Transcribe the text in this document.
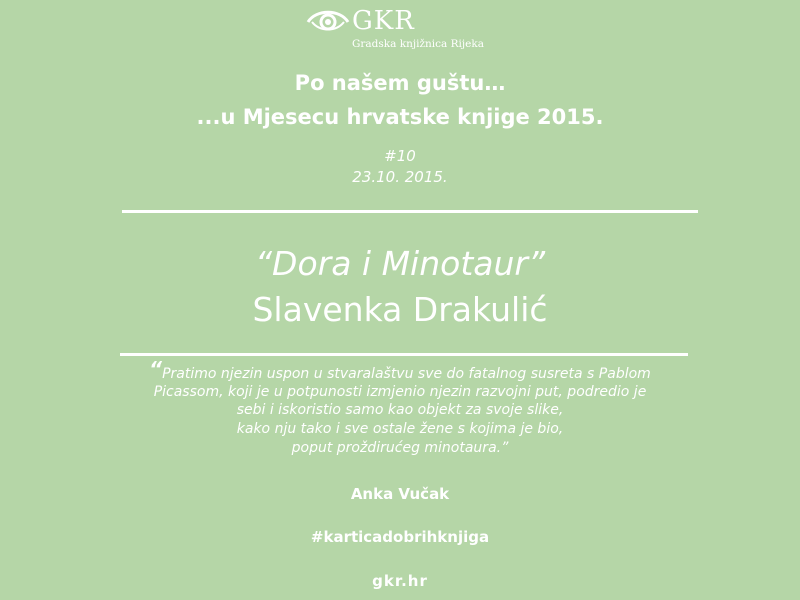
GKR
Gradska knjižnica Rijeka
Po našem guštu…
...u Mjesecu hrvatske knjige 2015.
#10
23.10. 2015.
“Dora i Minotaur”
Slavenka Drakulić
“Pratimo njezin uspon u stvaralaštvu sve do fatalnog susreta s Pablom
Picassom, koji je u potpunosti izmjenio njezin razvojni put, podredio je
sebi i iskoristio samo kao objekt za svoje slike,
kako nju tako i sve ostale žene s kojima je bio,
poput proždirućeg minotaura.”
Anka Vučak
#karticadobrihknjiga
gkr.hr
